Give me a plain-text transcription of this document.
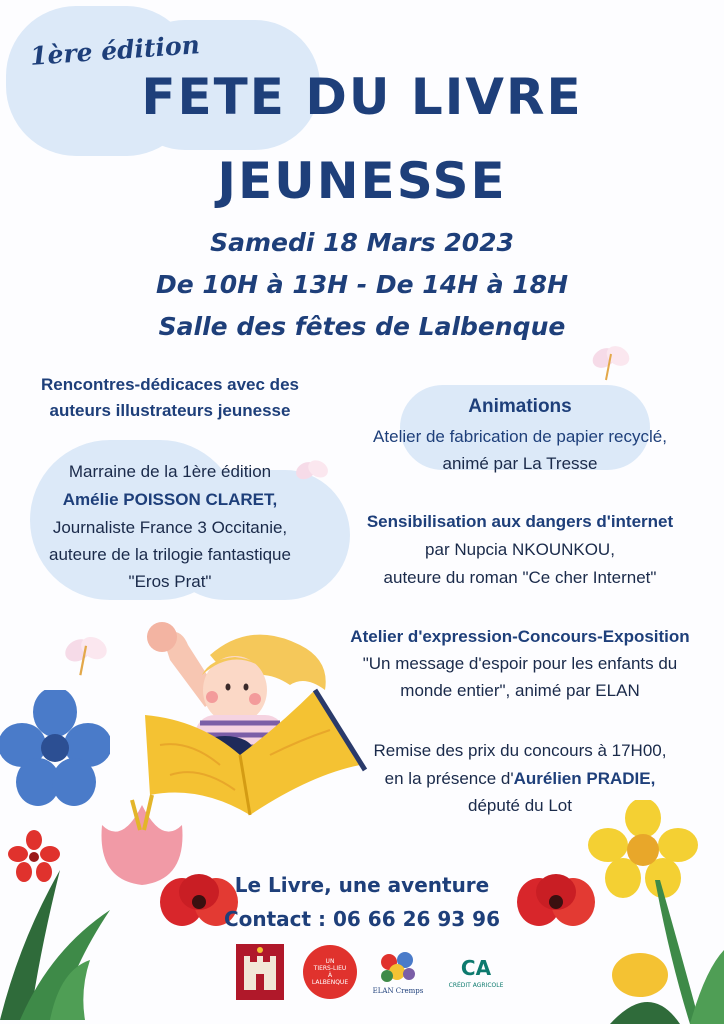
1ère édition
FETE DU LIVRE
JEUNESSE
Samedi 18 Mars 2023
De 10H à 13H - De 14H à 18H
Salle des fêtes de Lalbenque
Rencontres-dédicaces avec des
auteurs illustrateurs jeunesse
Marraine de la 1ère édition
Amélie POISSON CLARET,
Journaliste France 3 Occitanie,
auteure de la trilogie fantastique
"Eros Prat"
Animations
Atelier de fabrication de papier recyclé,
animé par La Tresse
Sensibilisation aux dangers d'internet
par Nupcia NKOUNKOU,
auteure du roman "Ce cher Internet"
Atelier d'expression-Concours-Exposition
"Un message d'espoir pour les enfants du
monde entier", animé par ELAN
Remise des prix du concours à 17H00,
en la présence d'Aurélien PRADIE,
député du Lot
Le Livre, une aventure
Contact : 06 66 26 93 96
UN
TIERS-LIEU
À
LALBENQUE
ELAN Cremps
CA
CRÉDIT AGRICOLE
